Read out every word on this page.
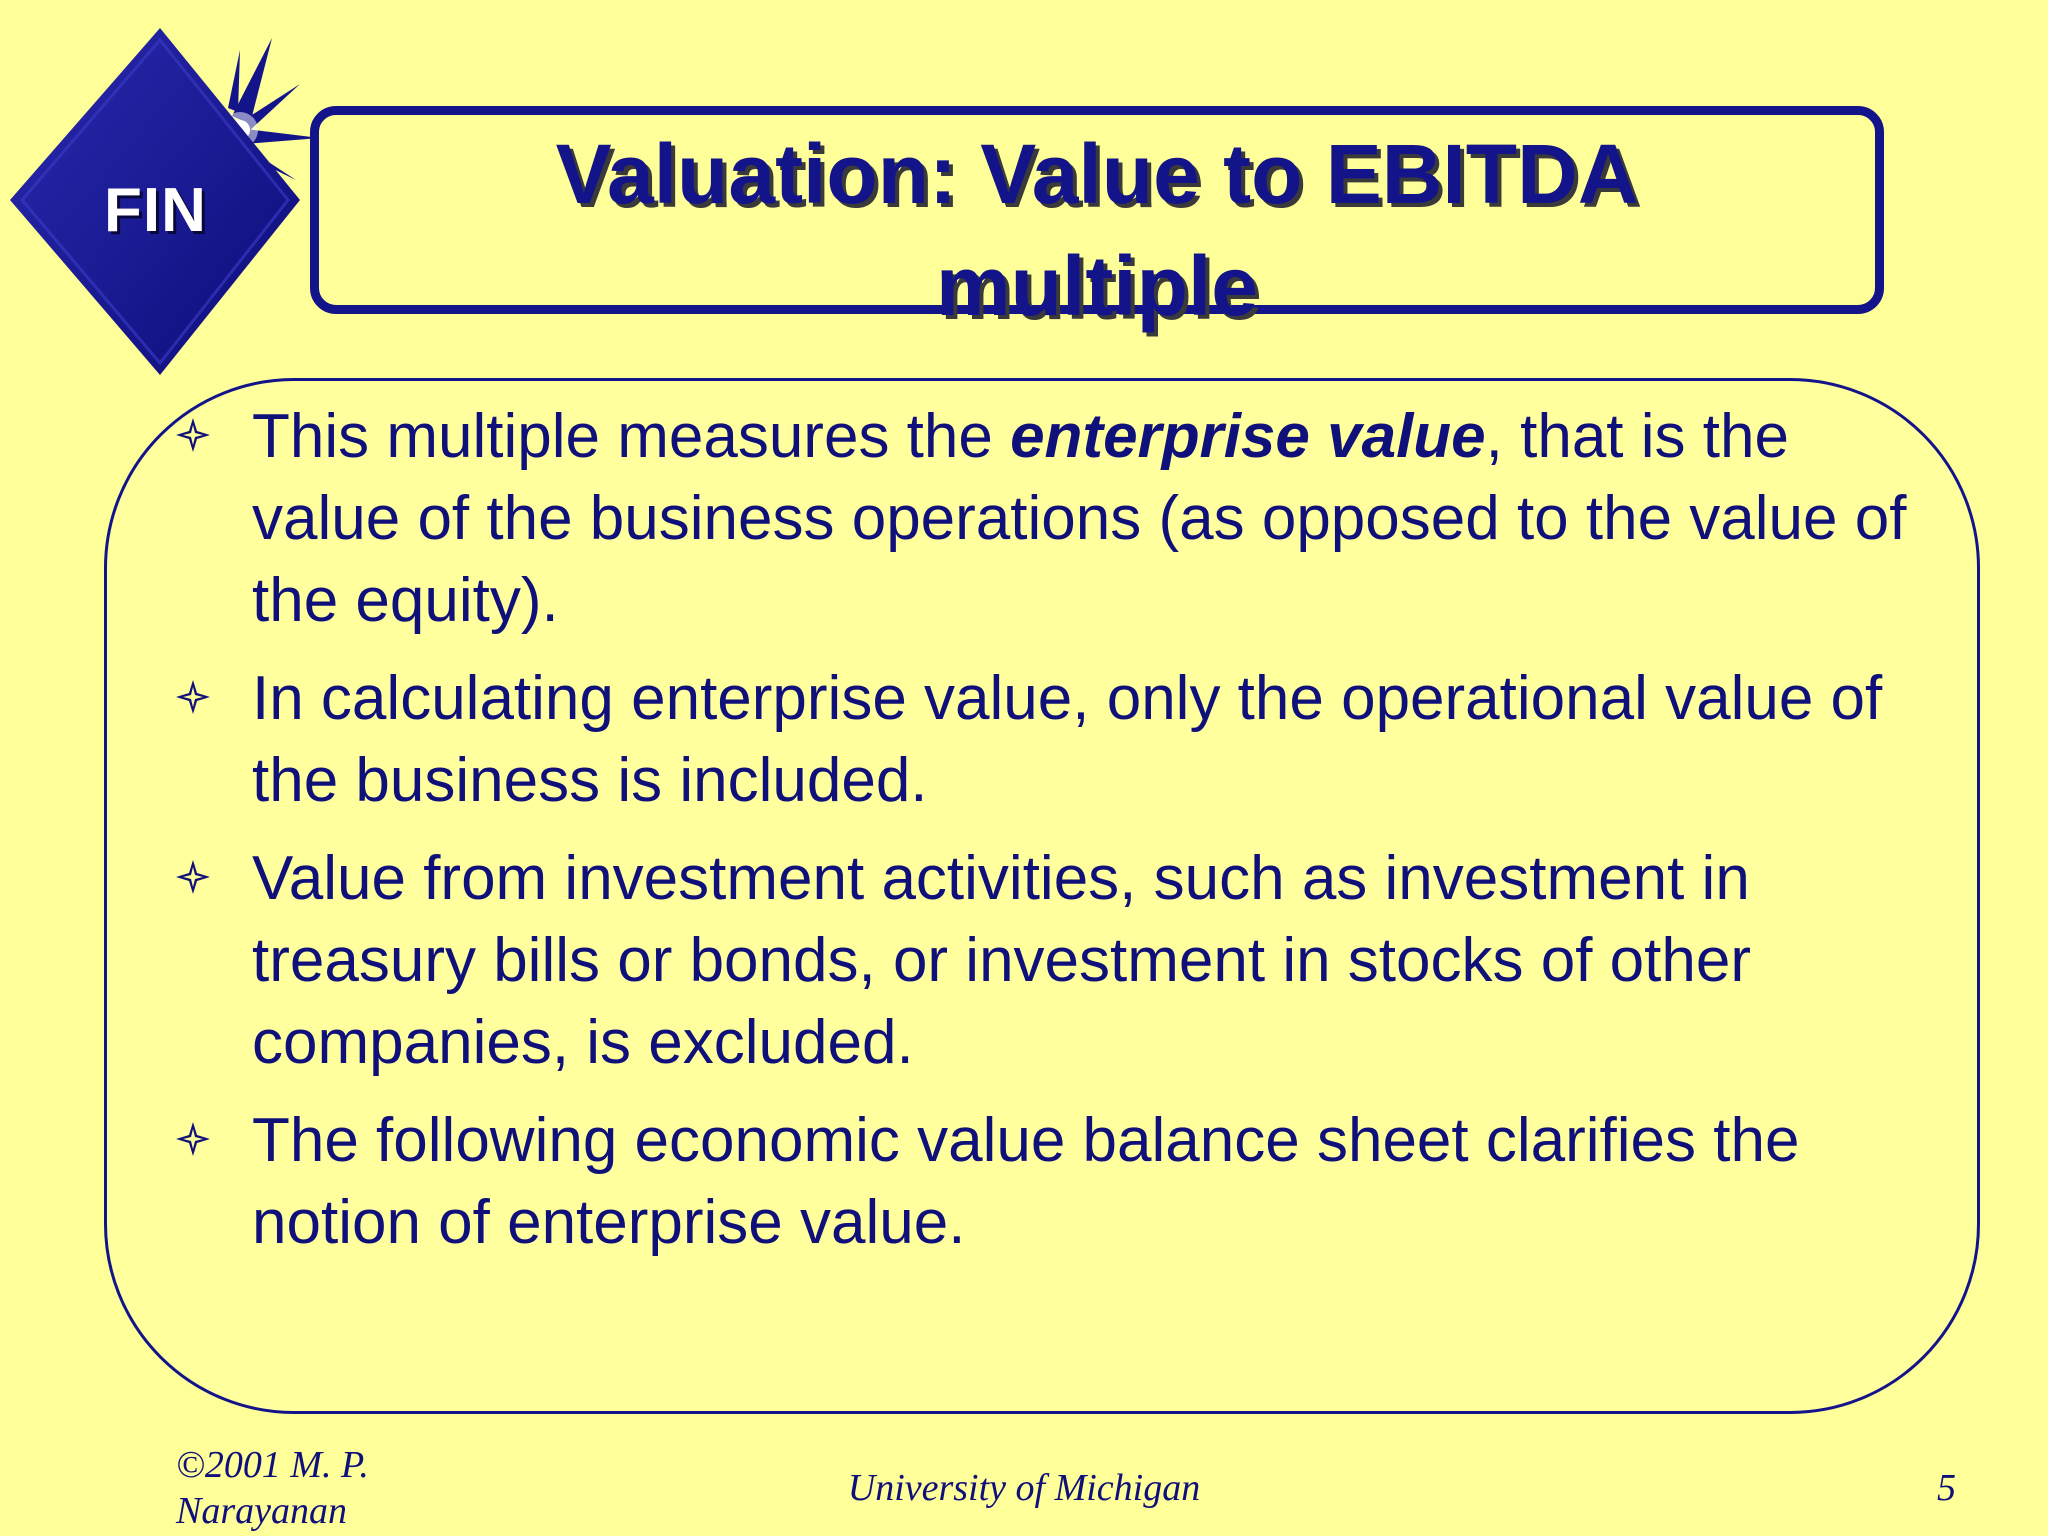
FIN	Valuation: Value to EBITDA
multiple
This multiple measures the enterprise value, that is the value of the business operations (as opposed to the value of the equity).
In calculating enterprise value, only the operational value of the business is included.
Value from investment activities, such as investment in treasury bills or bonds, or investment in stocks of other companies, is excluded.
The following economic value balance sheet clarifies the notion of enterprise value.
©2001 M. P.
Narayanan
University of Michigan	5
